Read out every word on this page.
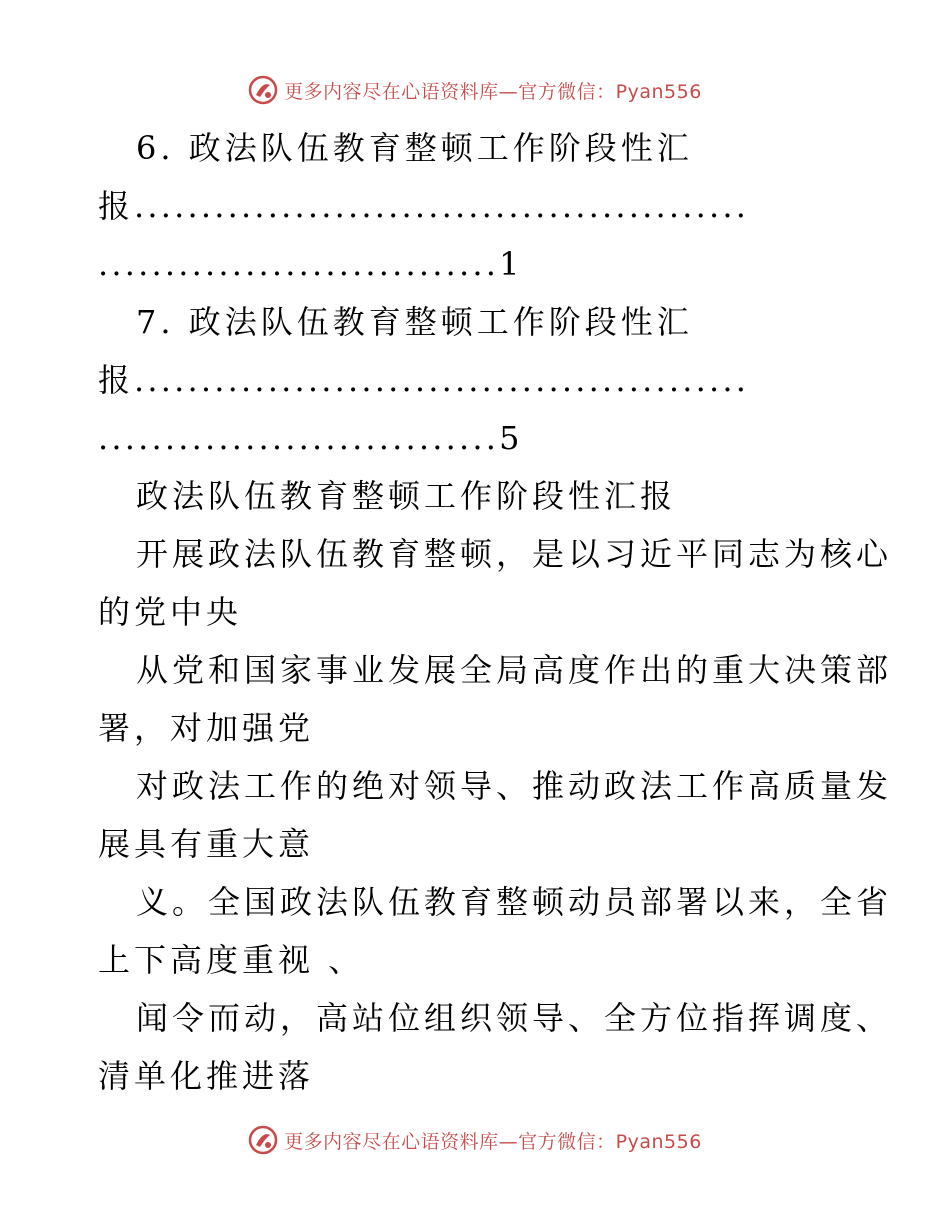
更多内容尽在心语资料库—官方微信：Pyan556
6. 政法队伍教育整顿工作阶段性汇
报..............................................
..............................1
7. 政法队伍教育整顿工作阶段性汇
报..............................................
..............................5
政法队伍教育整顿工作阶段性汇报
开展政法队伍教育整顿，是以习近平同志为核心
的党中央
从党和国家事业发展全局高度作出的重大决策部
署，对加强党
对政法工作的绝对领导、推动政法工作高质量发
展具有重大意
义。全国政法队伍教育整顿动员部署以来，全省
上下高度重视 、
闻令而动，高站位组织领导、全方位指挥调度、
清单化推进落
更多内容尽在心语资料库—官方微信：Pyan556
